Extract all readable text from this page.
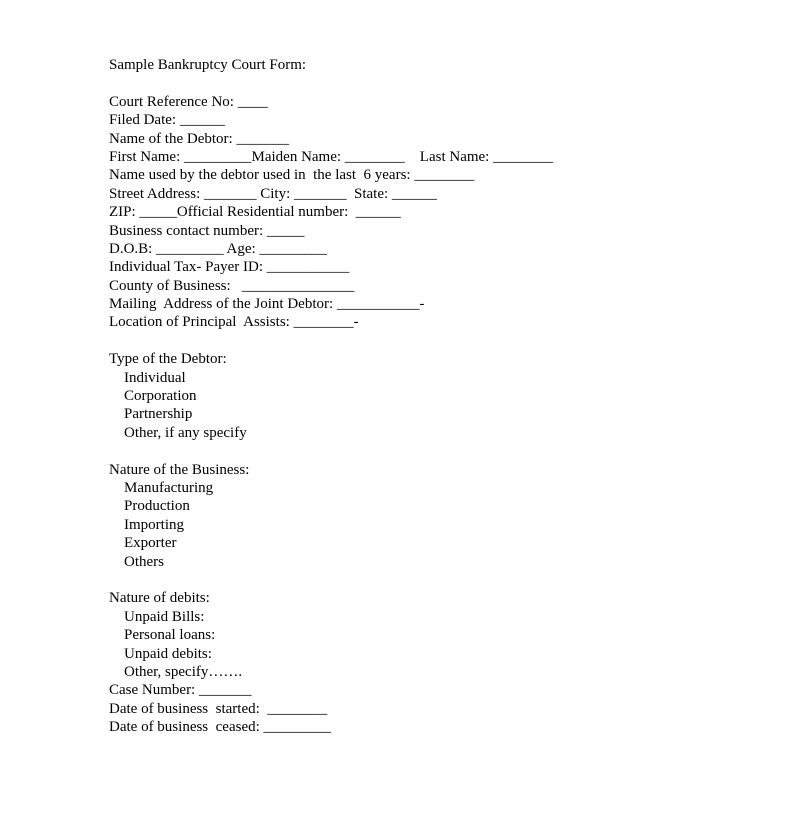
Sample Bankruptcy Court Form:
Court Reference No: ____
Filed Date: ______
Name of the Debtor: _______
First Name: _________Maiden Name: ________    Last Name: ________
Name used by the debtor used in  the last  6 years: ________
Street Address: _______ City: _______  State: ______
ZIP: _____Official Residential number:  ______
Business contact number: _____
D.O.B: _________ Age: _________
Individual Tax- Payer ID: ___________
County of Business:   _______________
Mailing  Address of the Joint Debtor: ___________-
Location of Principal  Assists: ________-
Type of the Debtor:
Individual
Corporation
Partnership
Other, if any specify
Nature of the Business:
Manufacturing
Production
Importing
Exporter
Others
Nature of debits:
Unpaid Bills:
Personal loans:
Unpaid debits:
Other, specify…….
Case Number: _______
Date of business  started:  ________
Date of business  ceased: _________
